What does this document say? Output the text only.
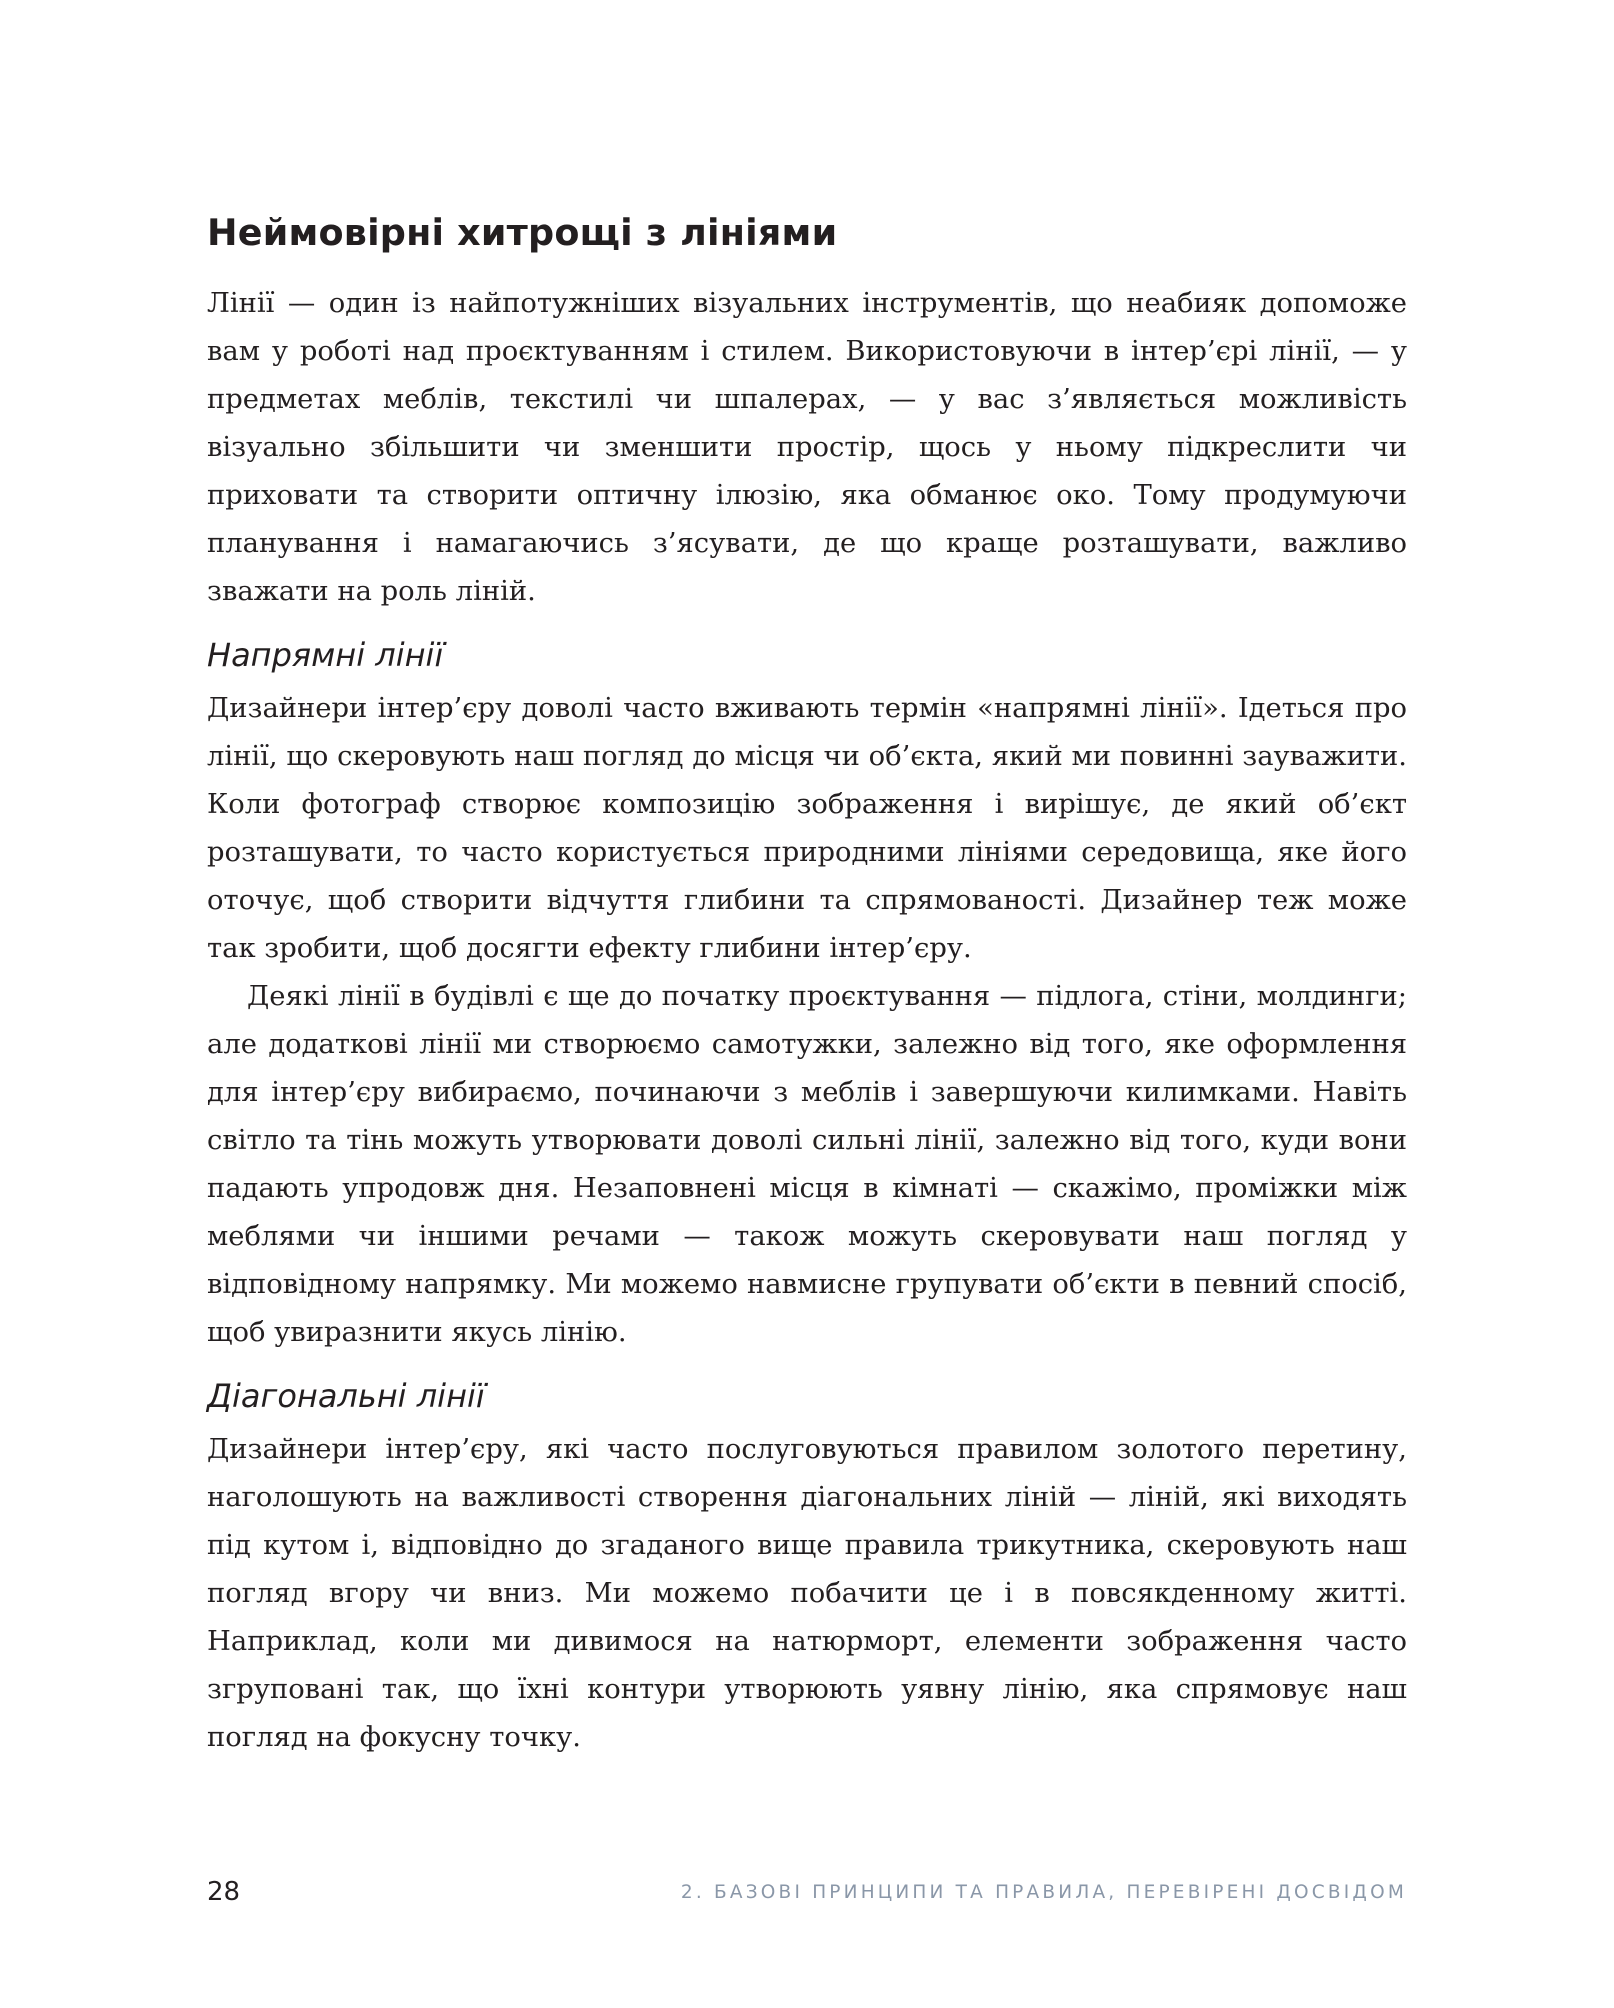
Неймовірні хитрощі з лініями

Лінії — один із найпотужніших візуальних інструментів, що неабияк допоможе вам у роботі над проєктуванням і стилем. Використовуючи в інтер’єрі лінії, — у предметах меблів, текстилі чи шпалерах, — у вас з’являється можливість візуально збільшити чи зменшити простір, щось у ньому підкреслити чи приховати та створити оптичну ілюзію, яка обманює око. Тому продумуючи планування і намагаючись з’ясувати, де що краще розташувати, важливо зважати на роль ліній.

Напрямні лінії

Дизайнери інтер’єру доволі часто вживають термін «напрямні лінії». Ідеться про лінії, що скеровують наш погляд до місця чи об’єкта, який ми повинні зауважити. Коли фотограф створює композицію зображення і вирішує, де який об’єкт розташувати, то часто користується природними лініями середовища, яке його оточує, щоб створити відчуття глибини та спрямованості. Дизайнер теж може так зробити, щоб досягти ефекту глибини інтер’єру.

Деякі лінії в будівлі є ще до початку проєктування — підлога, стіни, молдинги; але додаткові лінії ми створюємо самотужки, залежно від того, яке оформлення для інтер’єру вибираємо, починаючи з меблів і завершуючи килимками. Навіть світло та тінь можуть утворювати доволі сильні лінії, залежно від того, куди вони падають упродовж дня. Незаповнені місця в кімнаті — скажімо, проміжки між меблями чи іншими речами — також можуть скеровувати наш погляд у відповідному напрямку. Ми можемо навмисне групувати об’єкти в певний спосіб, щоб увиразнити якусь лінію.

Діагональні лінії

Дизайнери інтер’єру, які часто послуговуються правилом золотого перетину, наголошують на важливості створення діагональних ліній — ліній, які виходять під кутом і, відповідно до згаданого вище правила трикутника, скеровують наш погляд вгору чи вниз. Ми можемо побачити це і в повсякденному житті. Наприклад, коли ми дивимося на натюрморт, елементи зображення часто згруповані так, що їхні контури утворюють уявну лінію, яка спрямовує наш погляд на фокусну точку.

28	2. БАЗОВІ ПРИНЦИПИ ТА ПРАВИЛА, ПЕРЕВІРЕНІ ДОСВІДОМ
